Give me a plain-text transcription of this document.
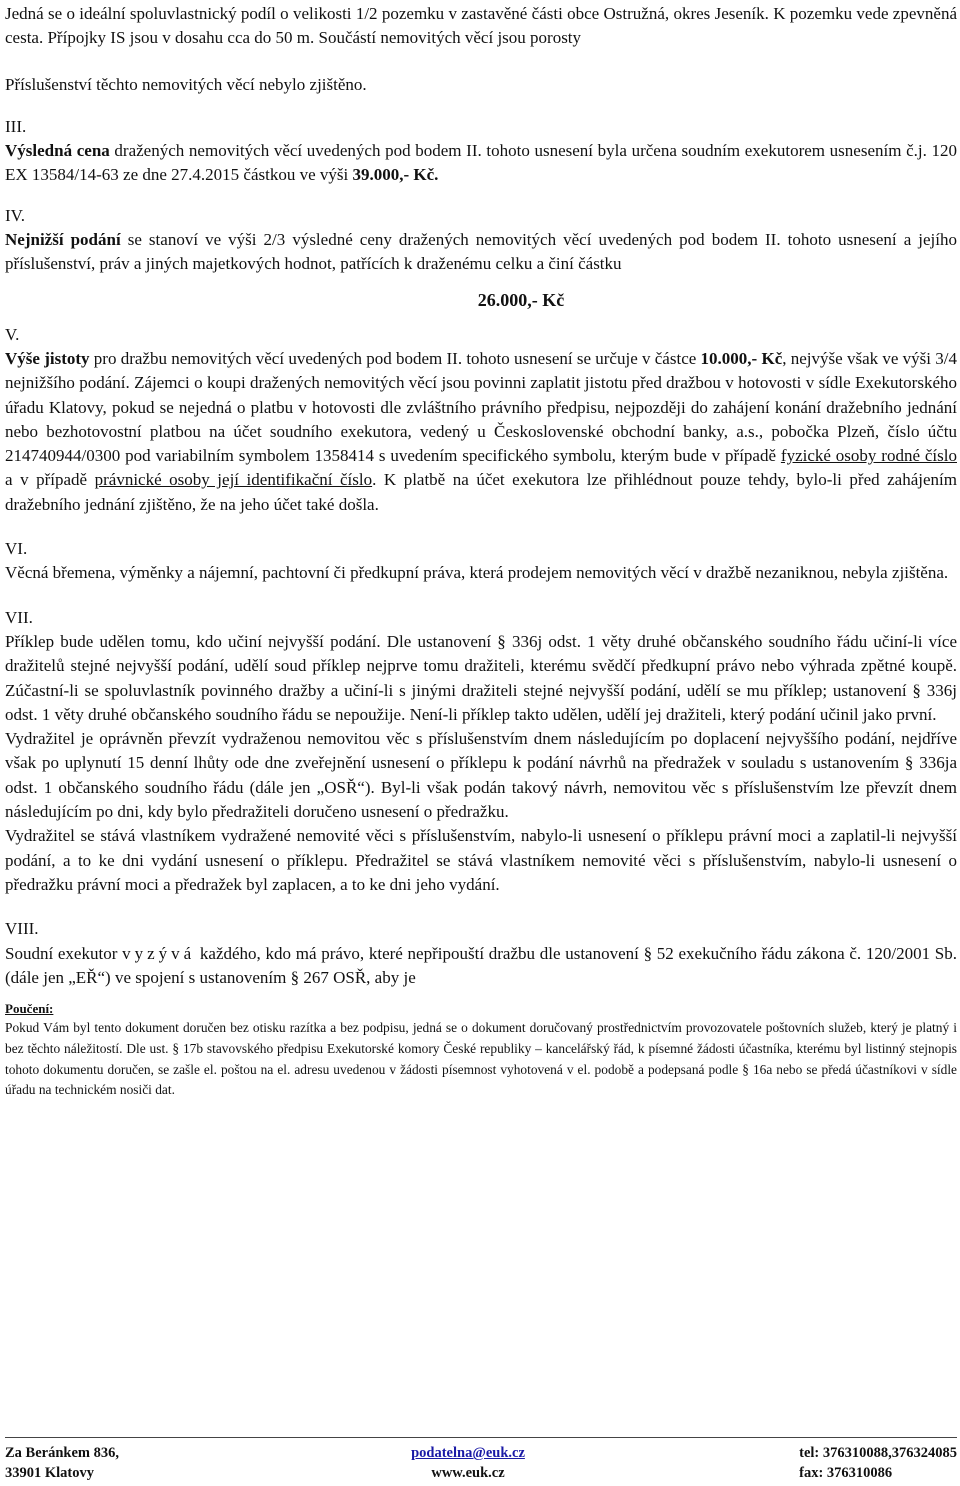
Jedná se o ideální spoluvlastnický podíl o velikosti 1/2 pozemku v zastavěné části obce Ostružná, okres Jeseník. K pozemku vede zpevněná cesta. Přípojky IS jsou v dosahu cca do 50 m. Součástí nemovitých věcí jsou porosty

Příslušenství těchto nemovitých věcí nebylo zjištěno.

III.

Výsledná cena dražených nemovitých věcí uvedených pod bodem II. tohoto usnesení byla určena soudním exekutorem usnesením č.j. 120 EX 13584/14-63 ze dne 27.4.2015 částkou ve výši 39.000,- Kč.

IV.

Nejnižší podání se stanoví ve výši 2/3 výsledné ceny dražených nemovitých věcí uvedených pod bodem II. tohoto usnesení a jejího příslušenství, práv a jiných majetkových hodnot, patřících k draženému celku a činí částku

26.000,- Kč

V.

Výše jistoty pro dražbu nemovitých věcí uvedených pod bodem II. tohoto usnesení se určuje v částce 10.000,- Kč, nejvýše však ve výši 3/4 nejnižšího podání. Zájemci o koupi dražených nemovitých věcí jsou povinni zaplatit jistotu před dražbou v hotovosti v sídle Exekutorského úřadu Klatovy, pokud se nejedná o platbu v hotovosti dle zvláštního právního předpisu, nejpozději do zahájení konání dražebního jednání nebo bezhotovostní platbou na účet soudního exekutora, vedený u Československé obchodní banky, a.s., pobočka Plzeň, číslo účtu 214740944/0300 pod variabilním symbolem 1358414 s uvedením specifického symbolu, kterým bude v případě fyzické osoby rodné číslo a v případě právnické osoby její identifikační číslo. K platbě na účet exekutora lze přihlédnout pouze tehdy, bylo-li před zahájením dražebního jednání zjištěno, že na jeho účet také došla.

VI.

Věcná břemena, výměnky a nájemní, pachtovní či předkupní práva, která prodejem nemovitých věcí v dražbě nezaniknou, nebyla zjištěna.

VII.

Příklep bude udělen tomu, kdo učiní nejvyšší podání. Dle ustanovení § 336j odst. 1 věty druhé občanského soudního řádu učiní-li více dražitelů stejné nejvyšší podání, udělí soud příklep nejprve tomu dražiteli, kterému svědčí předkupní právo nebo výhrada zpětné koupě. Zúčastní-li se spoluvlastník povinného dražby a učiní-li s jinými dražiteli stejné nejvyšší podání, udělí se mu příklep; ustanovení § 336j odst. 1 věty druhé občanského soudního řádu se nepoužije. Není-li příklep takto udělen, udělí jej dražiteli, který podání učinil jako první.

Vydražitel je oprávněn převzít vydraženou nemovitou věc s příslušenstvím dnem následujícím po doplacení nejvyššího podání, nejdříve však po uplynutí 15 denní lhůty ode dne zveřejnění usnesení o příklepu k podání návrhů na předražek v souladu s ustanovením § 336ja odst. 1 občanského soudního řádu (dále jen „OSŘ“). Byl-li však podán takový návrh, nemovitou věc s příslušenstvím lze převzít dnem následujícím po dni, kdy bylo předražiteli doručeno usnesení o předražku.

Vydražitel se stává vlastníkem vydražené nemovité věci s příslušenstvím, nabylo-li usnesení o příklepu právní moci a zaplatil-li nejvyšší podání, a to ke dni vydání usnesení o příklepu. Předražitel se stává vlastníkem nemovité věci s příslušenstvím, nabylo-li usnesení o předražku právní moci a předražek byl zaplacen, a to ke dni jeho vydání.

VIII.

Soudní exekutor vyzývá každého, kdo má právo, které nepřipouští dražbu dle ustanovení § 52 exekučního řádu zákona č. 120/2001 Sb. (dále jen „EŘ“) ve spojení s ustanovením § 267 OSŘ, aby je

Poučení:

Pokud Vám byl tento dokument doručen bez otisku razítka a bez podpisu, jedná se o dokument doručovaný prostřednictvím provozovatele poštovních služeb, který je platný i bez těchto náležitostí. Dle ust. § 17b stavovského předpisu Exekutorské komory České republiky – kancelářský řád, k písemné žádosti účastníka, kterému byl listinný stejnopis tohoto dokumentu doručen, se zašle el. poštou na el. adresu uvedenou v žádosti písemnost vyhotovená v el. podobě a podepsaná podle § 16a nebo se předá účastníkovi v sídle úřadu na technickém nosiči dat.

Za Beránkem 836,
33901 Klatovy
podatelna@euk.cz
www.euk.cz
tel: 376310088,376324085
fax: 376310086
